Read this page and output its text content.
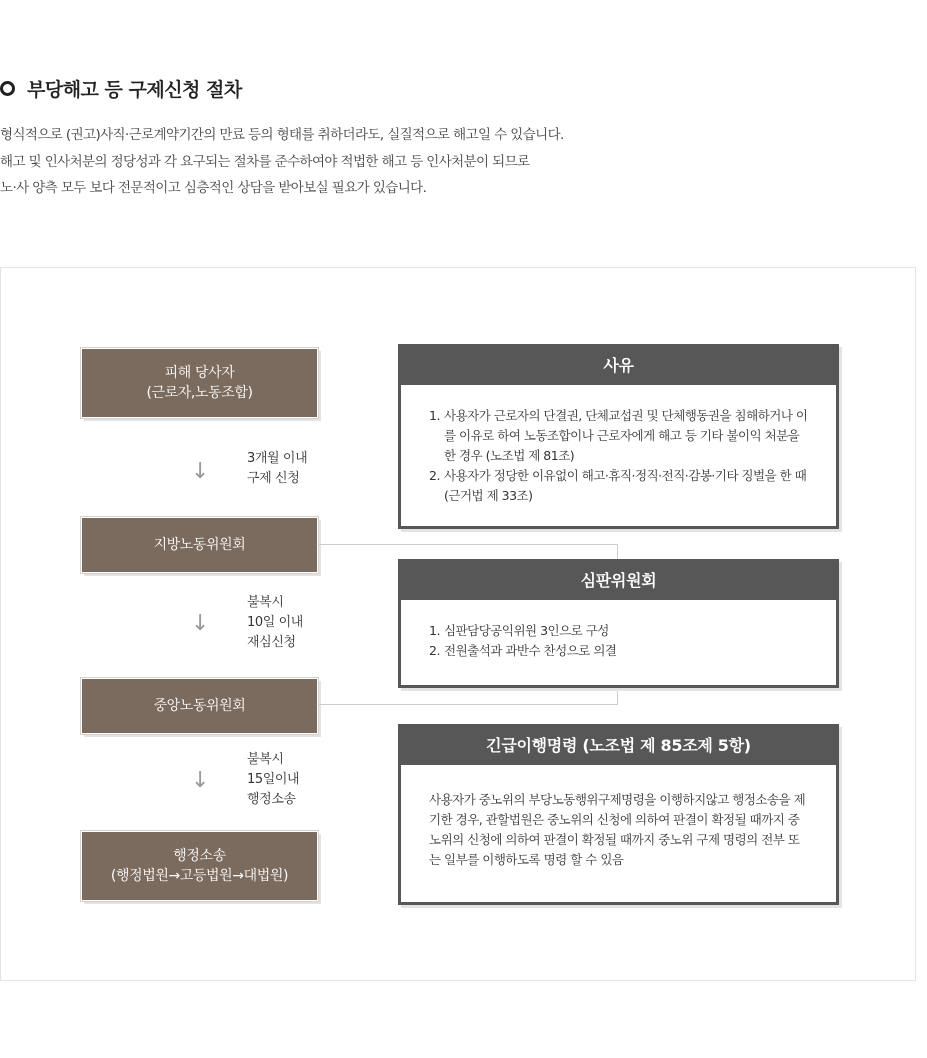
부당해고 등 구제신청 절차

형식적으로 (권고)사직·근로계약기간의 만료 등의 형태를 취하더라도, 실질적으로 해고일 수 있습니다.

해고 및 인사처분의 정당성과 각 요구되는 절차를 준수하여야 적법한 해고 등 인사처분이 되므로

노·사 양측 모두 보다 전문적이고 심층적인 상담을 받아보실 필요가 있습니다.

피해 당사자
(근로자,노동조합)
↓
3개월 이내
구제 신청
지방노동위원회
↓
불복시
10일 이내
재심신청
중앙노동위원회
↓
불복시
15일이내
행정소송
행정소송
(행정법원→고등법원→대법원)
사유
1. 사용자가 근로자의 단결권, 단체교섭권 및 단체행동권을 침해하거나 이를 이유로 하여 노동조합이나 근로자에게 해고 등 기타 불이익 처분을 한 경우 (노조법 제 81조)
2. 사용자가 정당한 이유없이 해고·휴직·정직·전직·감봉·기타 징벌을 한 때 (근거법 제 33조)
심판위원회
1. 심판담당공익위원 3인으로 구성
2. 전원출석과 과반수 찬성으로 의결
긴급이행명령 (노조법 제 85조제 5항)

사용자가 중노위의 부당노동행위구제명령을 이행하지않고 행정소송을 제기한 경우, 관할법원은 중노위의 신청에 의하여 판결이 확정될 때까지 중노위의 신청에 의하여 판결이 확정될 때까지 중노위 구제 명령의 전부 또는 일부를 이행하도록 명령 할 수 있음
